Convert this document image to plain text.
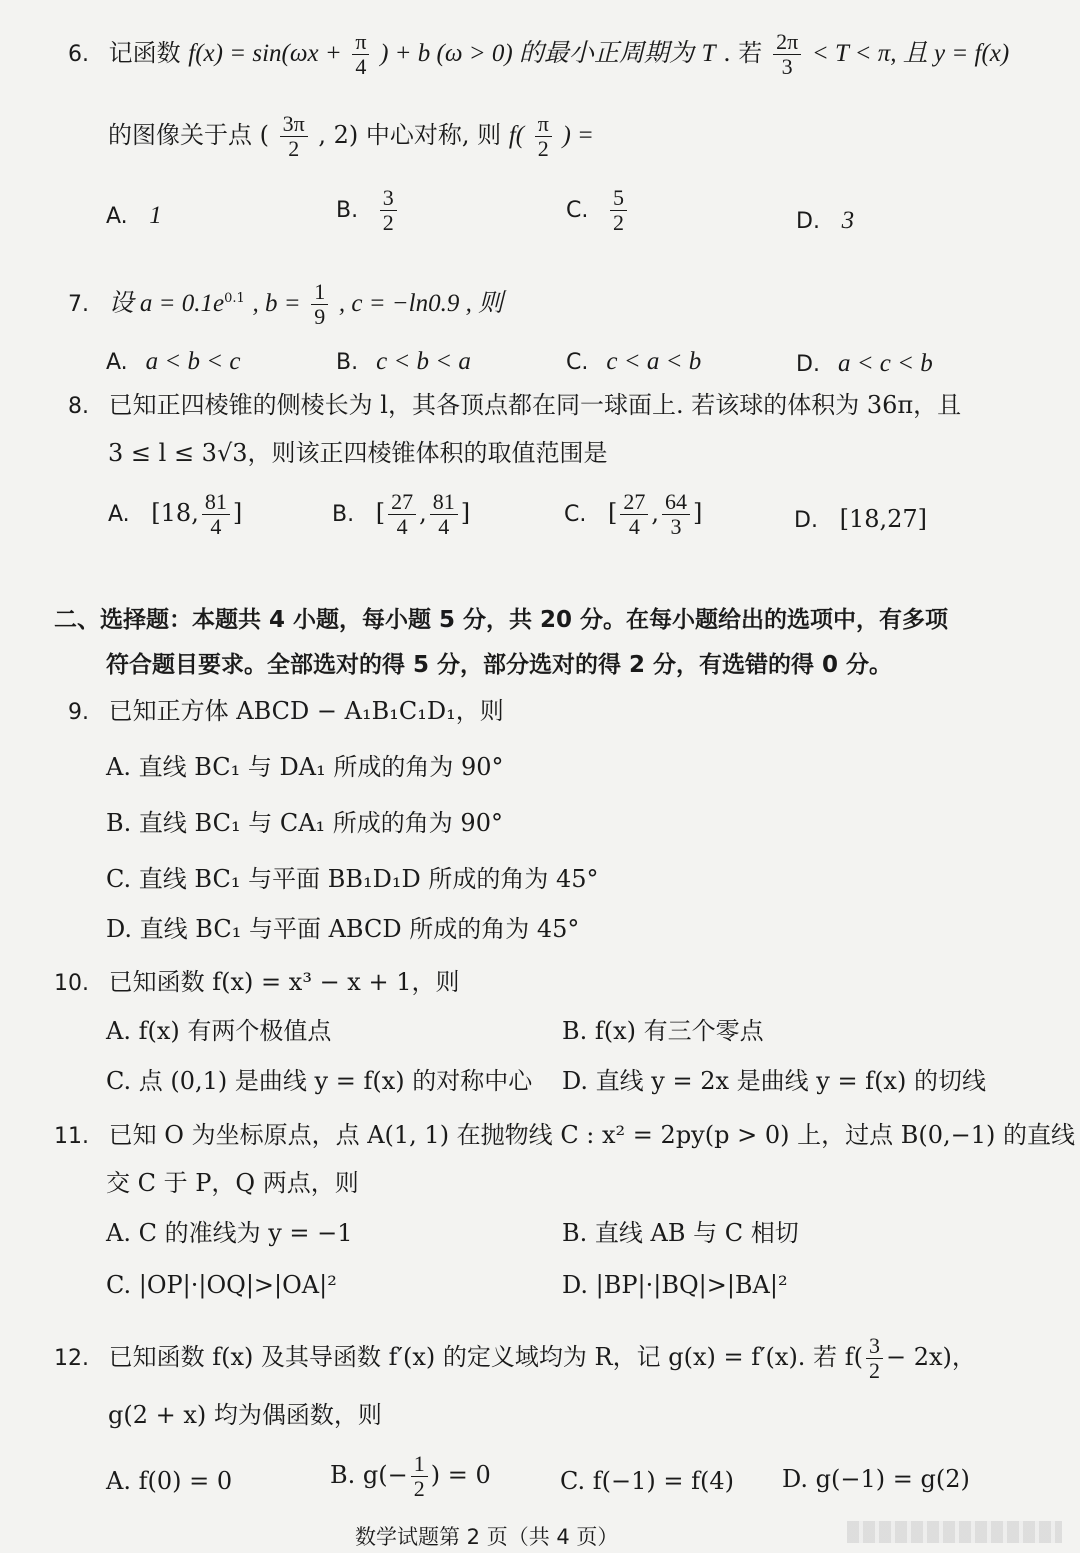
6. 记函数 $f(x) = \sin(\omega x + \frac{\pi}{4}$ ) + b (ω > 0) 的最小正周期为 T . 若 $\frac{2\pi}{3} < T < \pi$, 且 y = f(x)
的图像关于点 ( $\frac{3\pi}{2}$ , 2) 中心对称, 则 $f( \frac{\pi}{2}$ ) =
A. 1	B. $\frac{3}{2}$	C. $\frac{5}{2}$	D. 3
7. 设 $a = 0.1e^{0.1}$ , $b = \frac{1}{9}$ , c = −ln0.9 , 则
A. a < b < c	B. c < b < a	C. c < a < b	D. a < c < b
8. 已知正四棱锥的侧棱长为 l，其各顶点都在同一球面上. 若该球的体积为 36π，且
3 ≤ l ≤ 3√3，则该正四棱锥体积的取值范围是
A. [18, $\frac{81}{4}$ ]	B. [ $\frac{27}{4}$ , $\frac{81}{4}$ ]	C. [ $\frac{27}{4}$ , $\frac{64}{3}$ ]	D. [18,27]
二、选择题：本题共 4 小题，每小题 5 分，共 20 分。在每小题给出的选项中，有多项
符合题目要求。全部选对的得 5 分，部分选对的得 2 分，有选错的得 0 分。
9. 已知正方体 ABCD − A₁B₁C₁D₁，则
A. 直线 BC₁ 与 DA₁ 所成的角为 90°
B. 直线 BC₁ 与 CA₁ 所成的角为 90°
C. 直线 BC₁ 与平面 BB₁D₁D 所成的角为 45°
D. 直线 BC₁ 与平面 ABCD 所成的角为 45°
10. 已知函数 f(x) = x³ − x + 1，则
A. f(x) 有两个极值点	B. f(x) 有三个零点
C. 点 (0,1) 是曲线 y = f(x) 的对称中心 D. 直线 y = 2x 是曲线 y = f(x) 的切线
11. 已知 O 为坐标原点，点 A(1, 1) 在抛物线 C : x² = 2py(p > 0) 上，过点 B(0,−1) 的直线
交 C 于 P，Q 两点，则
A. C 的准线为 y = −1	B. 直线 AB 与 C 相切
C. |OP|·|OQ|>|OA|²	D. |BP|·|BQ|>|BA|²
12. 已知函数 f(x) 及其导函数 f′(x) 的定义域均为 R，记 g(x) = f′(x). 若 $f( \frac{3}{2} - 2x)$，
g(2 + x) 均为偶函数，则
A. f(0) = 0	B. $g(- \frac{1}{2}$ ) = 0	C. f(−1) = f(4) D. g(−1) = g(2)
数学试题第 2 页（共 4 页）
